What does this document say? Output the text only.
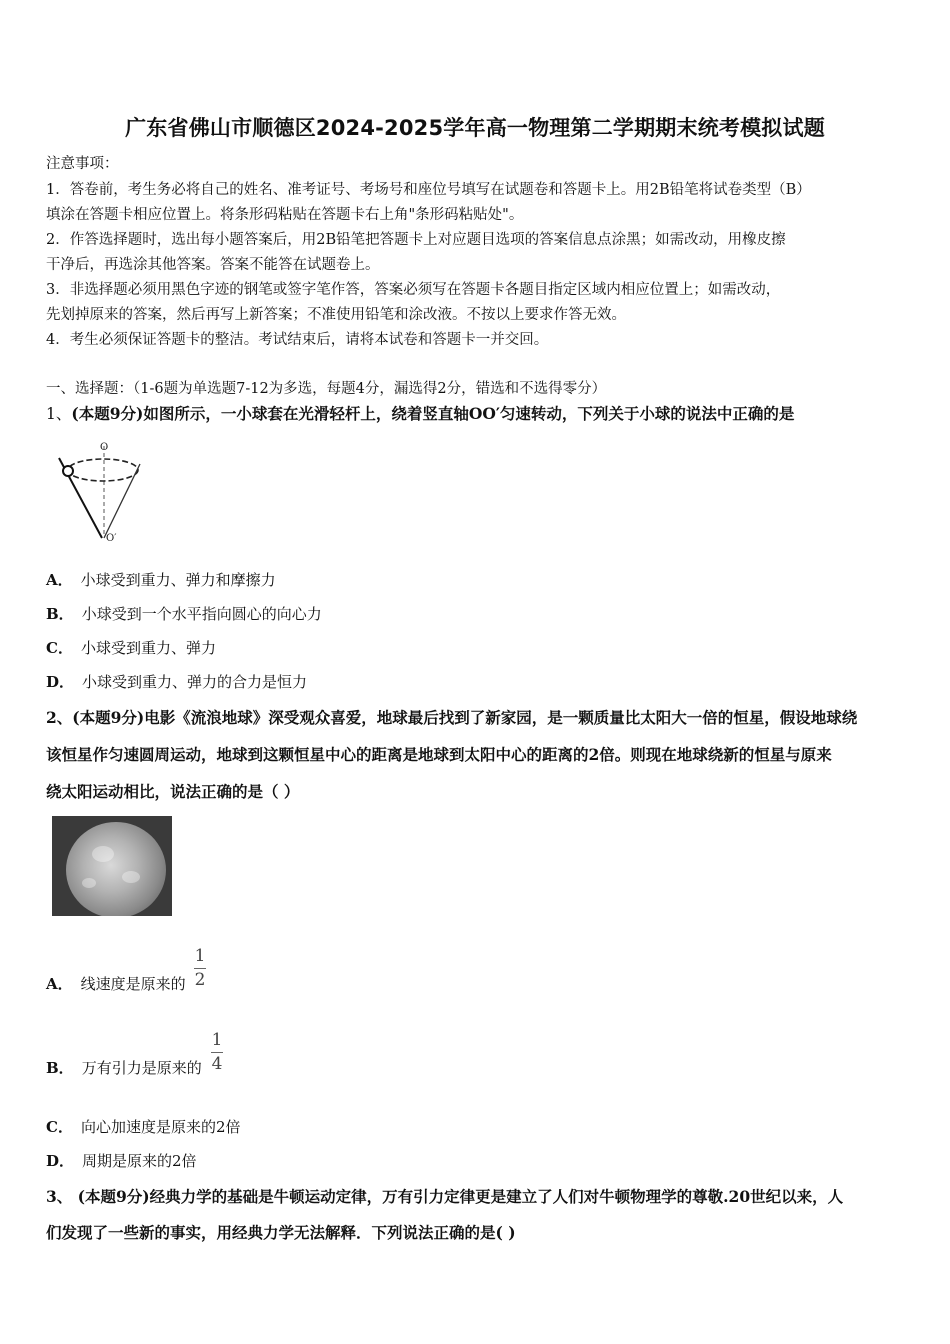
广东省佛山市顺德区2024-2025学年高一物理第二学期期末统考模拟试题
注意事项：
1．答卷前，考生务必将自己的姓名、准考证号、考场号和座位号填写在试题卷和答题卡上。用2B铅笔将试卷类型（B）
填涂在答题卡相应位置上。将条形码粘贴在答题卡右上角"条形码粘贴处"。
2．作答选择题时，选出每小题答案后，用2B铅笔把答题卡上对应题目选项的答案信息点涂黑；如需改动，用橡皮擦
干净后，再选涂其他答案。答案不能答在试题卷上。
3．非选择题必须用黑色字迹的钢笔或签字笔作答，答案必须写在答题卡各题目指定区域内相应位置上；如需改动，
先划掉原来的答案，然后再写上新答案；不准使用铅笔和涂改液。不按以上要求作答无效。
4．考生必须保证答题卡的整洁。考试结束后，请将本试卷和答题卡一并交回。
一、选择题：（1-6题为单选题7-12为多选，每题4分，漏选得2分，错选和不选得零分）
1、(本题9分)如图所示，一小球套在光滑轻杆上，绕着竖直轴OO′匀速转动，下列关于小球的说法中正确的是
O
O′
A． 小球受到重力、弹力和摩擦力
B． 小球受到一个水平指向圆心的向心力
C． 小球受到重力、弹力
D． 小球受到重力、弹力的合力是恒力
2、(本题9分)电影《流浪地球》深受观众喜爱，地球最后找到了新家园，是一颗质量比太阳大一倍的恒星，假设地球绕
该恒星作匀速圆周运动，地球到这颗恒星中心的距离是地球到太阳中心的距离的2倍。则现在地球绕新的恒星与原来
绕太阳运动相比，说法正确的是（ ）
A． 线速度是原来的
1
2
B． 万有引力是原来的
1
4
C． 向心加速度是原来的2倍
D． 周期是原来的2倍
3、 (本题9分)经典力学的基础是牛顿运动定律，万有引力定律更是建立了人们对牛顿物理学的尊敬.20世纪以来，人
们发现了一些新的事实，用经典力学无法解释．下列说法正确的是( )
